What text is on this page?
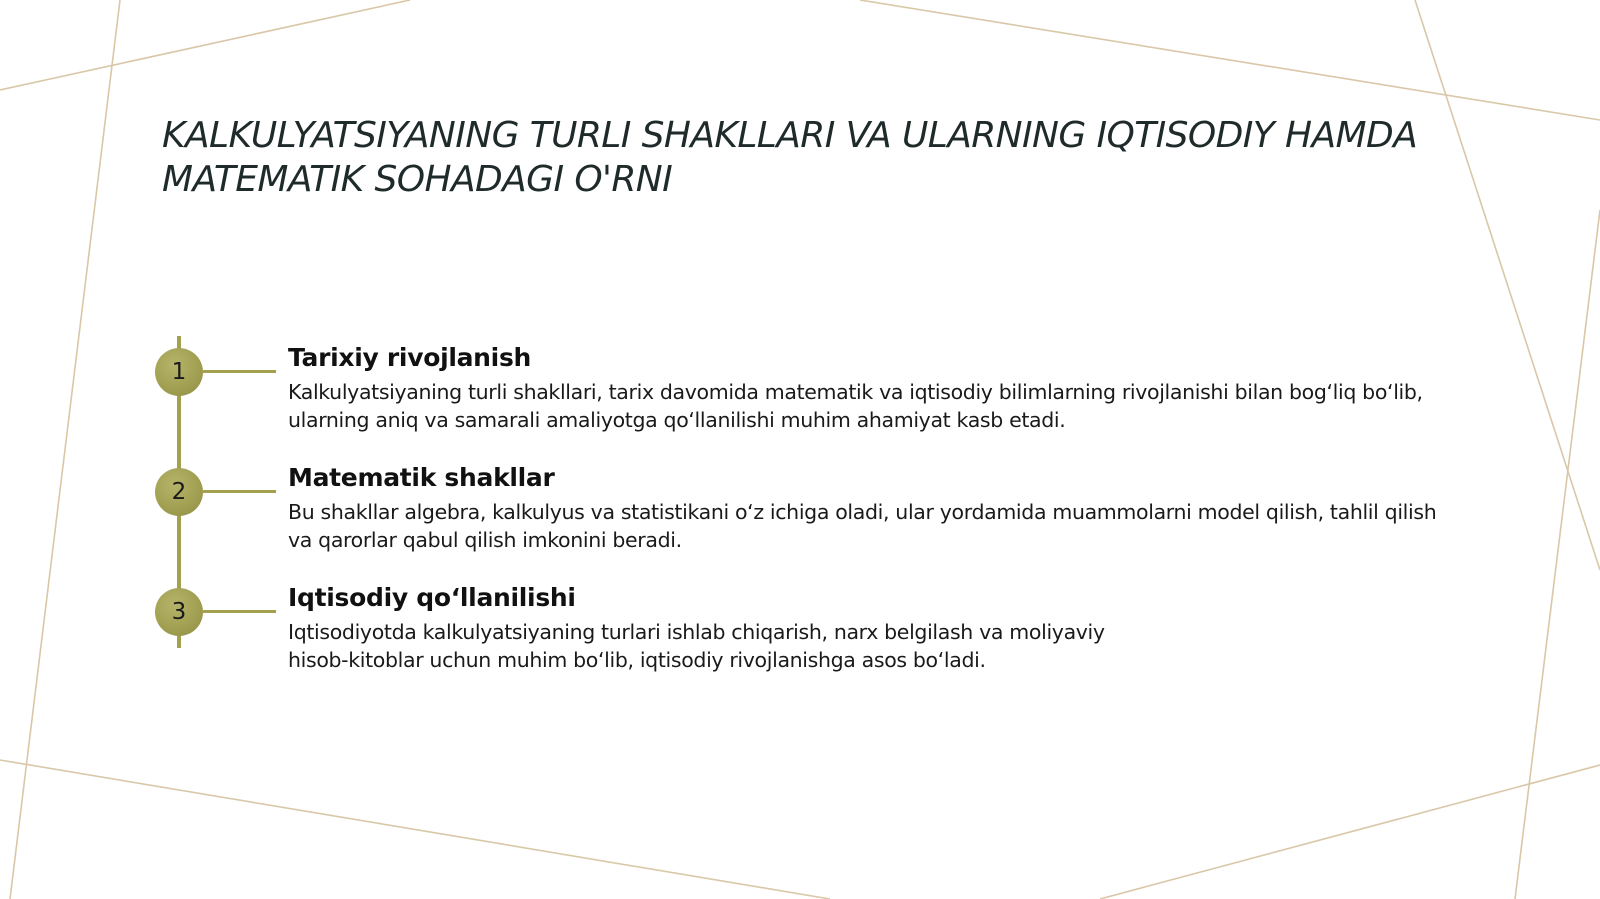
KALKULYATSIYANING TURLI SHAKLLARI VA ULARNING IQTISODIY HAMDA MATEMATIK SOHADAGI O'RNI
1	Tarixiy rivojlanish

Kalkulyatsiyaning turli shakllari, tarix davomida matematik va iqtisodiy bilimlarning rivojlanishi bilan bog‘liq bo‘lib, ularning aniq va samarali amaliyotga qo‘llanilishi muhim ahamiyat kasb etadi.

2	Matematik shakllar

Bu shakllar algebra, kalkulyus va statistikani o‘z ichiga oladi, ular yordamida muammolarni model qilish, tahlil qilish va qarorlar qabul qilish imkonini beradi.

3	Iqtisodiy qo‘llanilishi

Iqtisodiyotda kalkulyatsiyaning turlari ishlab chiqarish, narx belgilash va moliyaviy hisob-kitoblar uchun muhim bo‘lib, iqtisodiy rivojlanishga asos bo‘ladi.
